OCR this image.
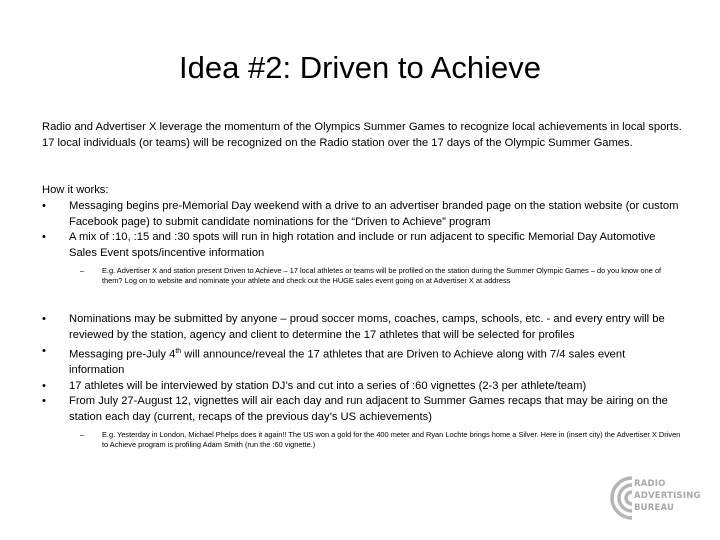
Idea #2: Driven to Achieve
Radio and Advertiser X leverage the momentum of the Olympics Summer Games to recognize local achievements in local sports. 17 local individuals (or teams) will be recognized on the Radio station over the 17 days of the Olympic Summer Games.
How it works:
• Messaging begins pre-Memorial Day weekend with a drive to an advertiser branded page on the station website (or custom Facebook page) to submit candidate nominations for the “Driven to Achieve” program
• A mix of :10, :15 and :30 spots will run in high rotation and include or run adjacent to specific Memorial Day Automotive Sales Event spots/incentive information
– E.g. Advertiser X and station present Driven to Achieve – 17 local athletes or teams will be profiled on the station during the Summer Olympic Games – do you know one of them? Log on to website and nominate your athlete and check out the HUGE sales event going on at Advertiser X at address
• Nominations may be submitted by anyone – proud soccer moms, coaches, camps, schools, etc. - and every entry will be reviewed by the station, agency and client to determine the 17 athletes that will be selected for profiles
• Messaging pre-July 4th will announce/reveal the 17 athletes that are Driven to Achieve along with 7/4 sales event information
• 17 athletes will be interviewed by station DJ’s and cut into a series of :60 vignettes (2-3 per athlete/team)
• From July 27-August 12, vignettes will air each day and run adjacent to Summer Games recaps that may be airing on the station each day (current, recaps of the previous day’s US achievements)
– E.g. Yesterday in London, Michael Phelps does it again!! The US won a gold for the 400 meter and Ryan Lochte brings home a Silver. Here in (insert city) the Advertiser X Driven to Achieve program is profiling Adam Smith (run the :60 vignette.)
RADIO
ADVERTISING
BUREAU
